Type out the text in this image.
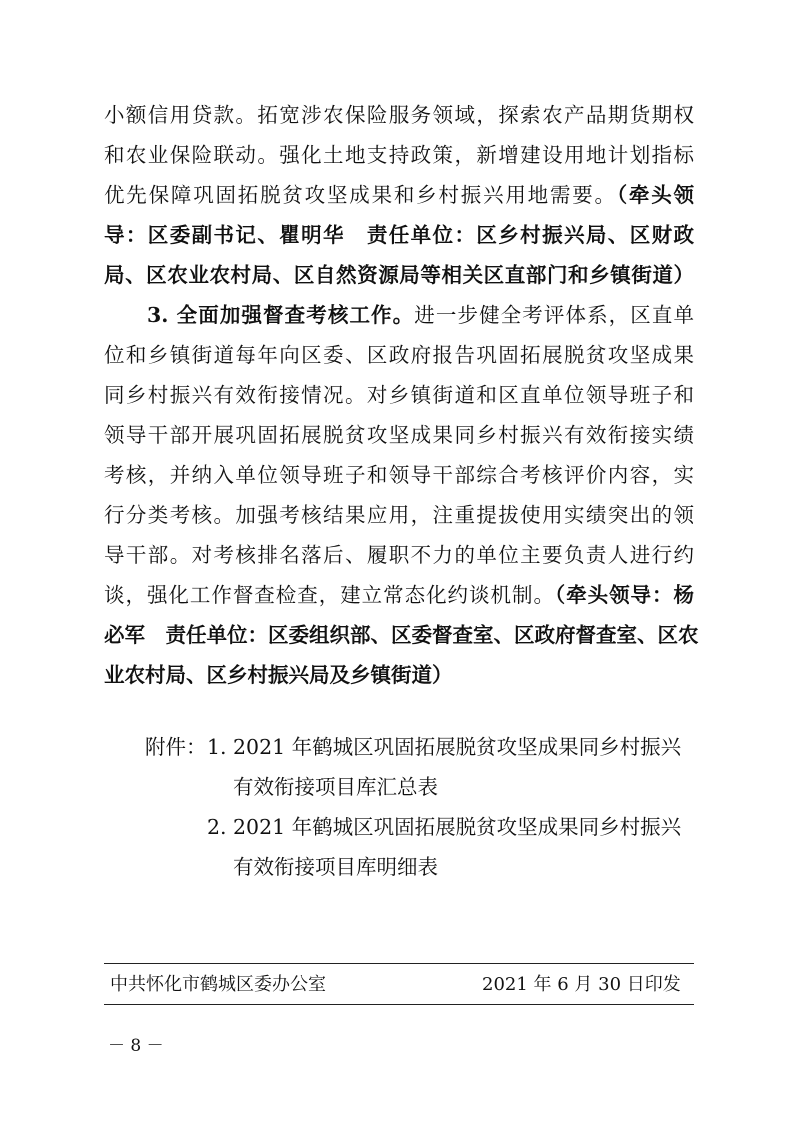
小额信用贷款。拓宽涉农保险服务领域，探索农产品期货期权
和农业保险联动。强化土地支持政策，新增建设用地计划指标
优先保障巩固拓脱贫攻坚成果和乡村振兴用地需要。（牵头领
导：区委副书记、瞿明华　责任单位：区乡村振兴局、区财政
局、区农业农村局、区自然资源局等相关区直部门和乡镇街道）
3. 全面加强督查考核工作。进一步健全考评体系，区直单
位和乡镇街道每年向区委、区政府报告巩固拓展脱贫攻坚成果
同乡村振兴有效衔接情况。对乡镇街道和区直单位领导班子和
领导干部开展巩固拓展脱贫攻坚成果同乡村振兴有效衔接实绩
考核，并纳入单位领导班子和领导干部综合考核评价内容，实
行分类考核。加强考核结果应用，注重提拔使用实绩突出的领
导干部。对考核排名落后、履职不力的单位主要负责人进行约
谈，强化工作督查检查，建立常态化约谈机制。（牵头领导：杨
必军　责任单位：区委组织部、区委督查室、区政府督查室、区农
业农村局、区乡村振兴局及乡镇街道）
附件： 1. 2021 年鹤城区巩固拓展脱贫攻坚成果同乡村振兴
有效衔接项目库汇总表
2. 2021 年鹤城区巩固拓展脱贫攻坚成果同乡村振兴
有效衔接项目库明细表
中共怀化市鹤城区委办公室	2021 年 6 月 30 日印发
－ 8 －
